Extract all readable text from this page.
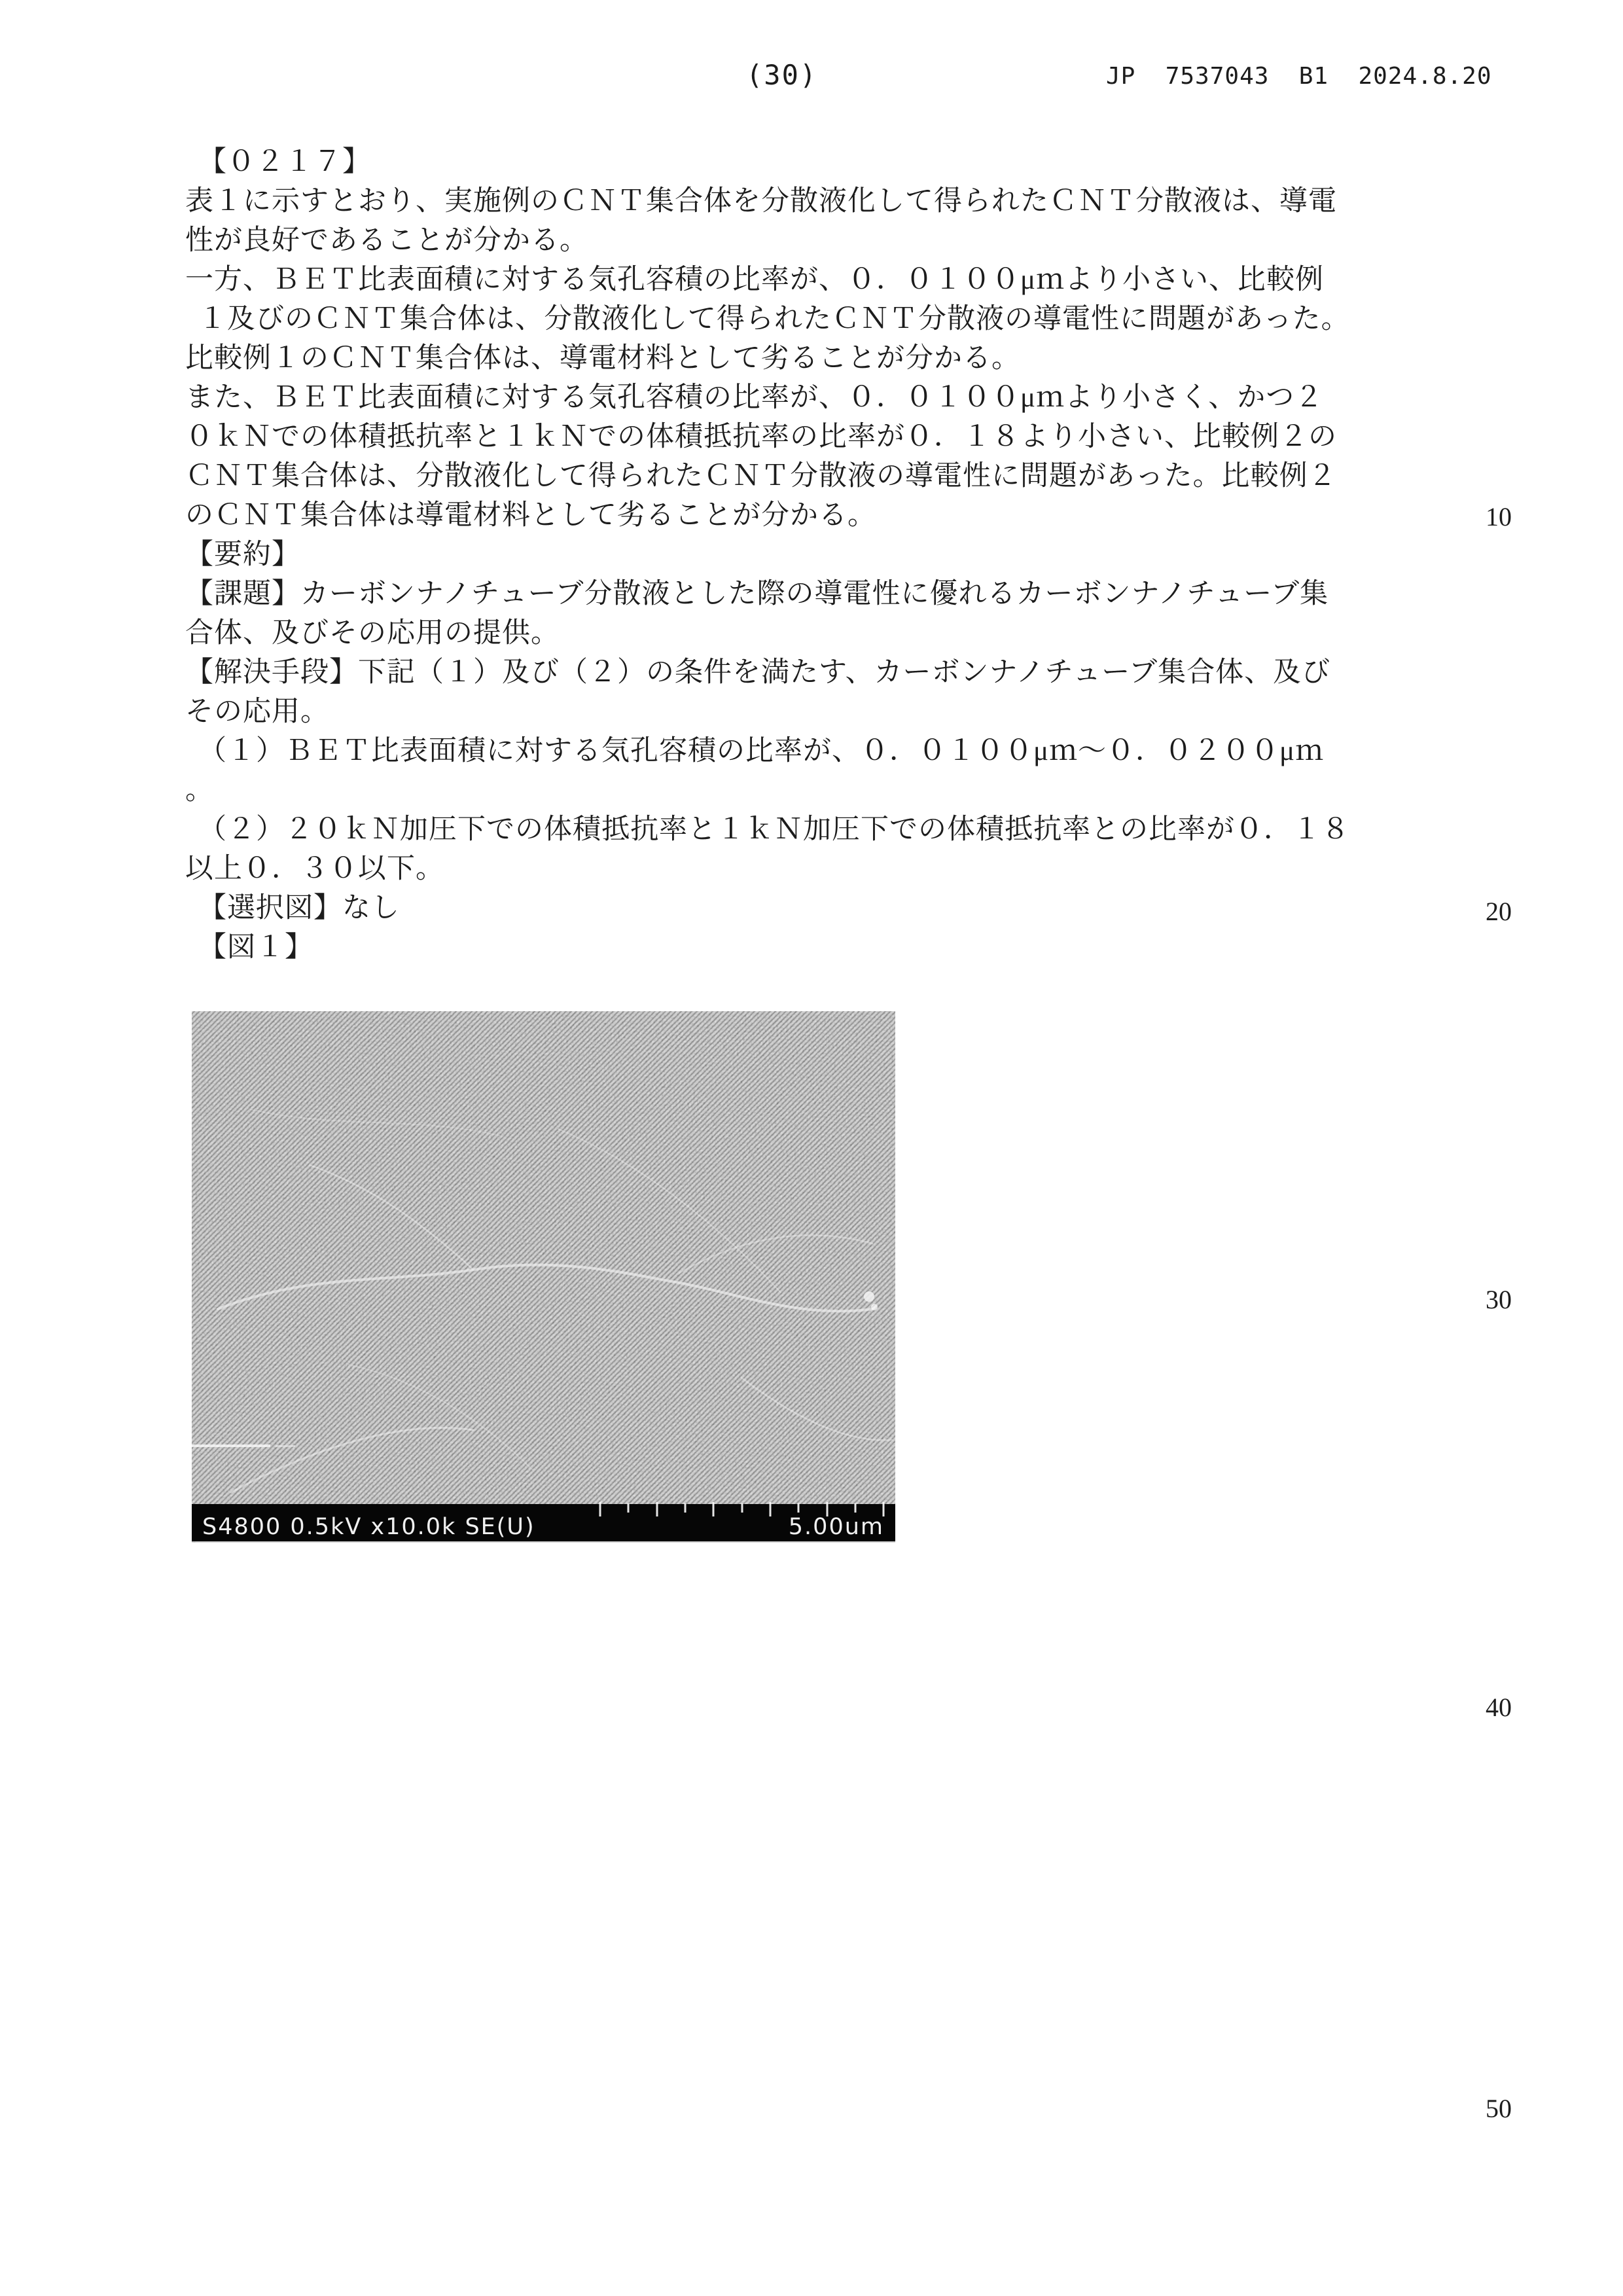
(30)	JP  7537043  B1  2024.8.20

【０２１７】

表１に示すとおり、実施例のＣＮＴ集合体を分散液化して得られたＣＮＴ分散液は、導電

性が良好であることが分かる。

一方、ＢＥＴ比表面積に対する気孔容積の比率が、０．０１００μｍより小さい、比較例

１及びのＣＮＴ集合体は、分散液化して得られたＣＮＴ分散液の導電性に問題があった。

比較例１のＣＮＴ集合体は、導電材料として劣ることが分かる。

また、ＢＥＴ比表面積に対する気孔容積の比率が、０．０１００μｍより小さく、かつ２

０ｋＮでの体積抵抗率と１ｋＮでの体積抵抗率の比率が０．１８より小さい、比較例２の

ＣＮＴ集合体は、分散液化して得られたＣＮＴ分散液の導電性に問題があった。比較例２

のＣＮＴ集合体は導電材料として劣ることが分かる。

【要約】

【課題】カーボンナノチューブ分散液とした際の導電性に優れるカーボンナノチューブ集

合体、及びその応用の提供。

【解決手段】下記（１）及び（２）の条件を満たす、カーボンナノチューブ集合体、及び

その応用。

（１）ＢＥＴ比表面積に対する気孔容積の比率が、０．０１００μｍ～０．０２００μｍ

。

（２）２０ｋＮ加圧下での体積抵抗率と１ｋＮ加圧下での体積抵抗率との比率が０．１８

以上０．３０以下。

【選択図】なし

【図１】

10
20
30
40
50
S4800 0.5kV x10.0k SE(U)	5.00um
